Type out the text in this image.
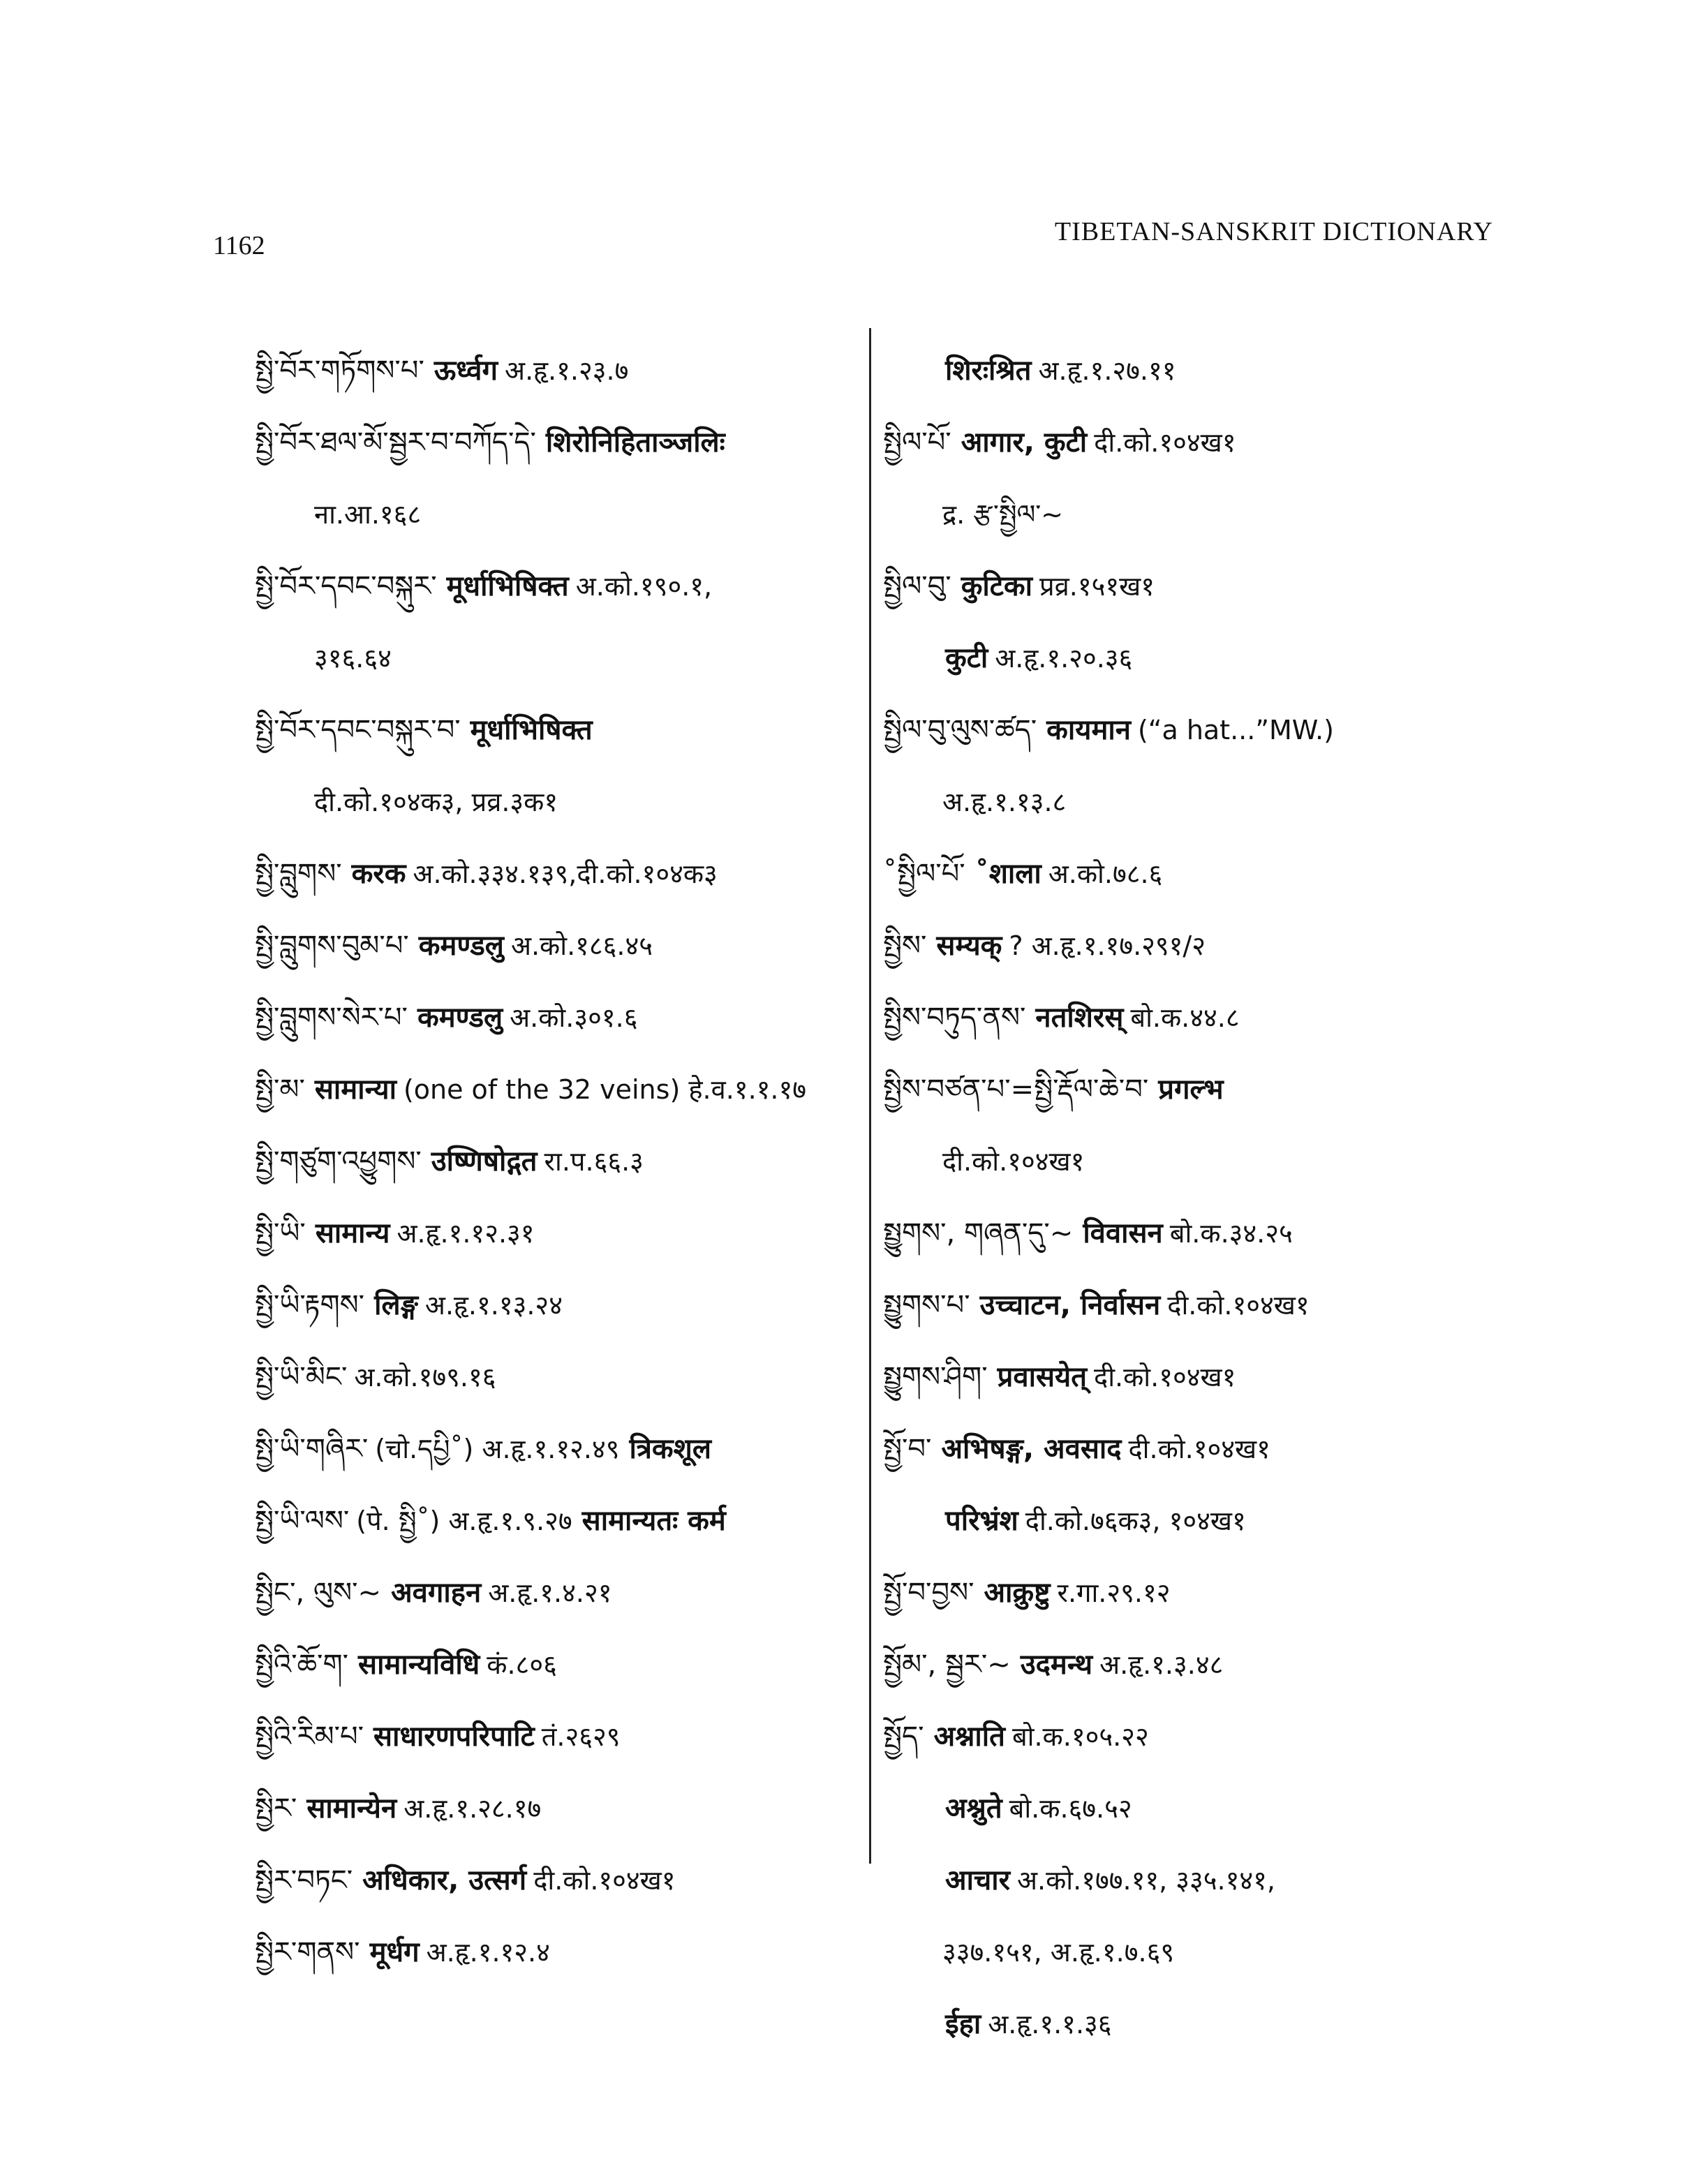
1162	TIBETAN-SANSKRIT DICTIONARY
སྤྱི་བོར་གཏོགས་པ་ ऊर्ध्वग अ.हृ.१.२३.७
སྤྱི་བོར་ཐལ་མོ་སྦྱར་བ་བཀོད་དེ་ शिरोनिहिताञ्जलिः
ना.आ.१६८
སྤྱི་བོར་དབང་བསྐུར་ मूर्धाभिषिक्त अ.को.१९०.१,
३१६.६४
སྤྱི་བོར་དབང་བསྐུར་བ་ मूर्धाभिषिक्त
दी.को.१०४क३, प्रव्र.३क१
སྤྱི་བླུགས་ करक अ.को.३३४.१३९,दी.को.१०४क३
སྤྱི་བླུགས་བུམ་པ་ कमण्डलु अ.को.१८६.४५
སྤྱི་བླུགས་སེར་པ་ कमण्डलु अ.को.३०१.६
སྤྱི་མ་ सामान्या (one of the 32 veins) हे.व.१.१.१७
སྤྱི་གཙུག་འཕྱུགས་ उष्णिषोद्गत रा.प.६६.३
སྤྱི་ཡི་ सामान्य अ.हृ.१.१२.३१
སྤྱི་ཡི་རྟགས་ लिङ्ग अ.हृ.१.१३.२४
སྤྱི་ཡི་མིང་ अ.को.१७९.१६
སྤྱི་ཡི་གཞིར་ (चो.དཔྱི˚) अ.हृ.१.१२.४९ त्रिकशूल
སྤྱི་ཡི་ལས་ (पे. སྤྱི˚) अ.हृ.१.९.२७ सामान्यतः कर्म
སྤྱིང་, ལུས་~ अवगाहन अ.हृ.१.४.२१
སྤྱིའི་ཆོ་ག་ सामान्यविधि कं.८०६
སྤྱིའི་རིམ་པ་ साधारणपरिपाटि तं.२६२९
སྤྱིར་ सामान्येन अ.हृ.१.२८.१७
སྤྱིར་བཏང་ अधिकार, उत्सर्ग दी.को.१०४ख१
སྤྱིར་གནས་ मूर्धग अ.हृ.१.१२.४
शिरःश्रित अ.हृ.१.२७.११
སྤྱིལ་པོ་ आगार, कुटी दी.को.१०४ख१
द्र. རྩ་སྤྱིལ་~
སྤྱིལ་བུ་ कुटिका प्रव्र.१५१ख१
कुटी अ.हृ.१.२०.३६
སྤྱིལ་བུ་ལུས་ཚད་ कायमान (“a hat...”MW.)
अ.हृ.१.१३.८
˚སྤྱིལ་པོ་ ˚शाला अ.को.७८.६
སྤྱིས་ सम्यक् ? अ.हृ.१.१७.२९१/२
སྤྱིས་བཏུད་ནས་ नतशिरस् बो.क.४४.८
སྤྱིས་བཙན་པ་=སྤྱི་རྡོལ་ཆེ་བ་ प्रगल्भ
दी.को.१०४ख१
སྤྱུགས་, གཞན་དུ་~ विवासन बो.क.३४.२५
སྤྱུགས་པ་ उच्चाटन, निर्वासन दी.को.१०४ख१
སྤྱུགས་ཤིག་ प्रवासयेत् दी.को.१०४ख१
སྤྱོ་བ་ अभिषङ्ग, अवसाद दी.को.१०४ख१
परिभ्रंश दी.को.७६क३, १०४ख१
སྤྱོ་བ་བྱས་ आक्रुष्टु र.गा.२९.१२
སྤྱོམ་, སྦྱར་~ उदमन्थ अ.हृ.१.३.४८
སྤྱོད་ अश्नाति बो.क.१०५.२२
अश्नुते बो.क.६७.५२
आचार अ.को.१७७.११, ३३५.१४१,
३३७.१५१, अ.हृ.१.७.६९
ईहा अ.हृ.१.१.३६
